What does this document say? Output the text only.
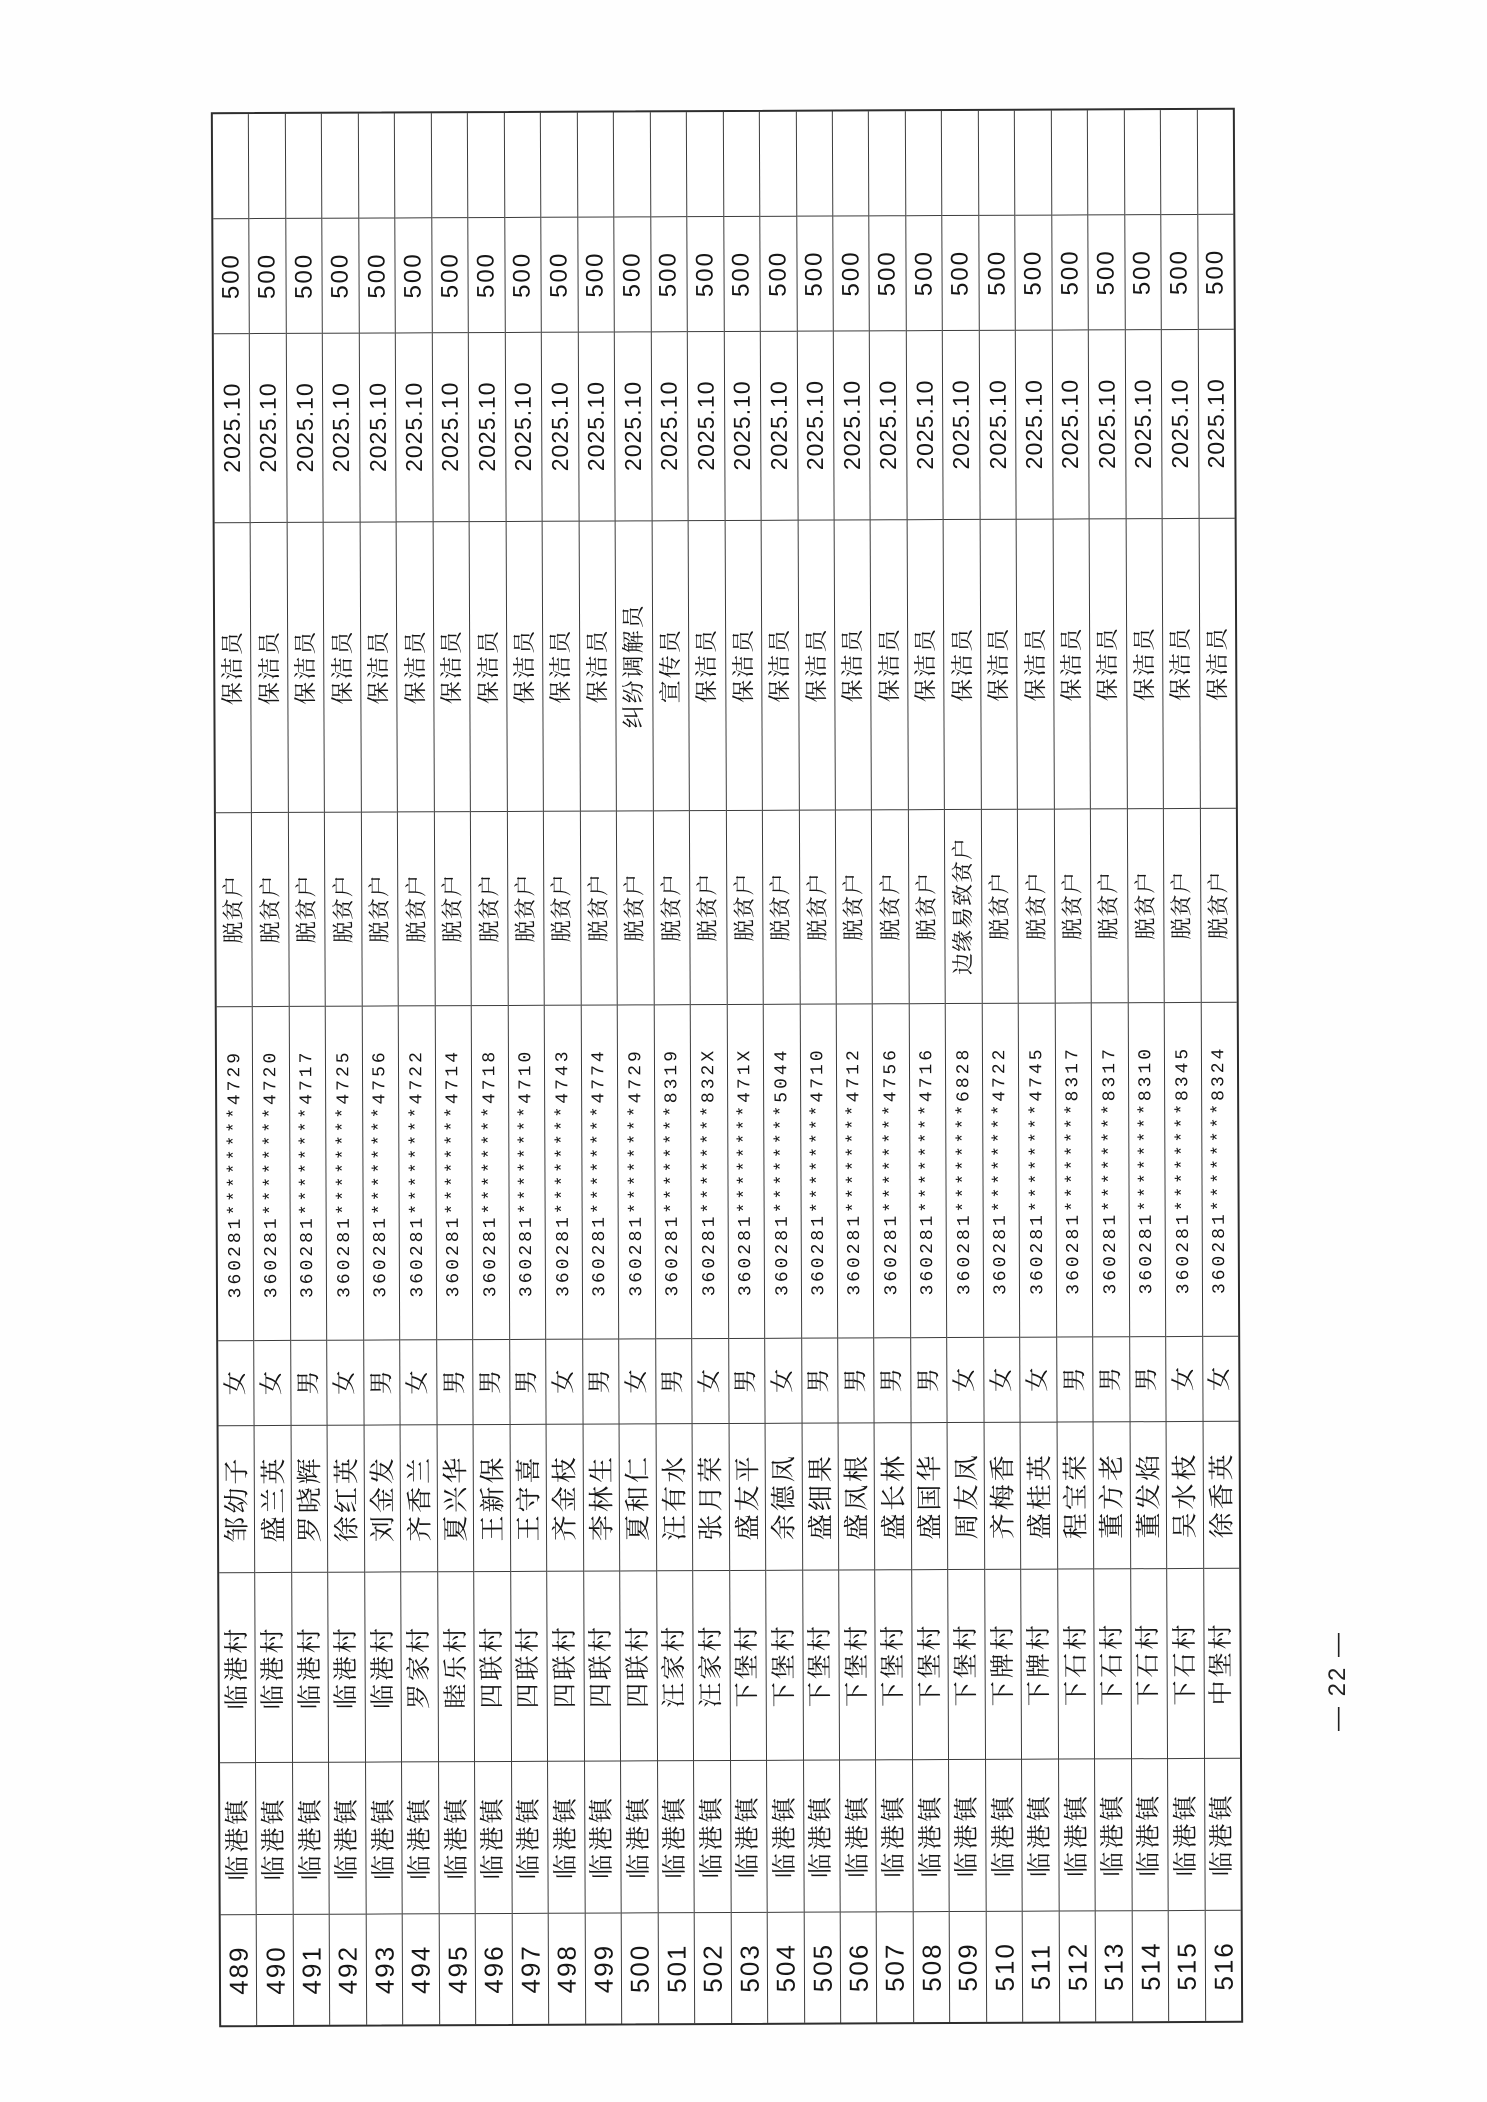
500
2025.10
保洁员
脱贫户
360281********4729
女
邹幼子
临港村
临港镇
489
500
2025.10
保洁员
脱贫户
360281********4720
女
盛兰英
临港村
临港镇
490
500
2025.10
保洁员
脱贫户
360281********4717
男
罗晓辉
临港村
临港镇
491
500
2025.10
保洁员
脱贫户
360281********4725
女
徐红英
临港村
临港镇
492
500
2025.10
保洁员
脱贫户
360281********4756
男
刘金发
临港村
临港镇
493
500
2025.10
保洁员
脱贫户
360281********4722
女
齐香兰
罗家村
临港镇
494
500
2025.10
保洁员
脱贫户
360281********4714
男
夏兴华
睦乐村
临港镇
495
500
2025.10
保洁员
脱贫户
360281********4718
男
王新保
四联村
临港镇
496
500
2025.10
保洁员
脱贫户
360281********4710
男
王守喜
四联村
临港镇
497
500
2025.10
保洁员
脱贫户
360281********4743
女
齐金枝
四联村
临港镇
498
500
2025.10
保洁员
脱贫户
360281********4774
男
李林生
四联村
临港镇
499
500
2025.10
纠纷调解员
脱贫户
360281********4729
女
夏和仁
四联村
临港镇
500
500
2025.10
宣传员
脱贫户
360281********8319
男
汪有水
汪家村
临港镇
501
500
2025.10
保洁员
脱贫户
360281********832X
女
张月荣
汪家村
临港镇
502
500
2025.10
保洁员
脱贫户
360281********471X
男
盛友平
下堡村
临港镇
503
500
2025.10
保洁员
脱贫户
360281********5044
女
余德凤
下堡村
临港镇
504
500
2025.10
保洁员
脱贫户
360281********4710
男
盛细果
下堡村
临港镇
505
500
2025.10
保洁员
脱贫户
360281********4712
男
盛凤根
下堡村
临港镇
506
500
2025.10
保洁员
脱贫户
360281********4756
男
盛长林
下堡村
临港镇
507
500
2025.10
保洁员
脱贫户
360281********4716
男
盛国华
下堡村
临港镇
508
500
2025.10
保洁员
边缘易致贫户
360281********6828
女
周友凤
下堡村
临港镇
509
500
2025.10
保洁员
脱贫户
360281********4722
女
齐梅香
下牌村
临港镇
510
500
2025.10
保洁员
脱贫户
360281********4745
女
盛桂英
下牌村
临港镇
511
500
2025.10
保洁员
脱贫户
360281********8317
男
程宝荣
下石村
临港镇
512
500
2025.10
保洁员
脱贫户
360281********8317
男
董方老
下石村
临港镇
513
500
2025.10
保洁员
脱贫户
360281********8310
男
董发焰
下石村
临港镇
514
500
2025.10
保洁员
脱贫户
360281********8345
女
吴水枝
下石村
临港镇
515
500
2025.10
保洁员
脱贫户
360281********8324
女
徐香英
中堡村
临港镇
516
— 22 —
